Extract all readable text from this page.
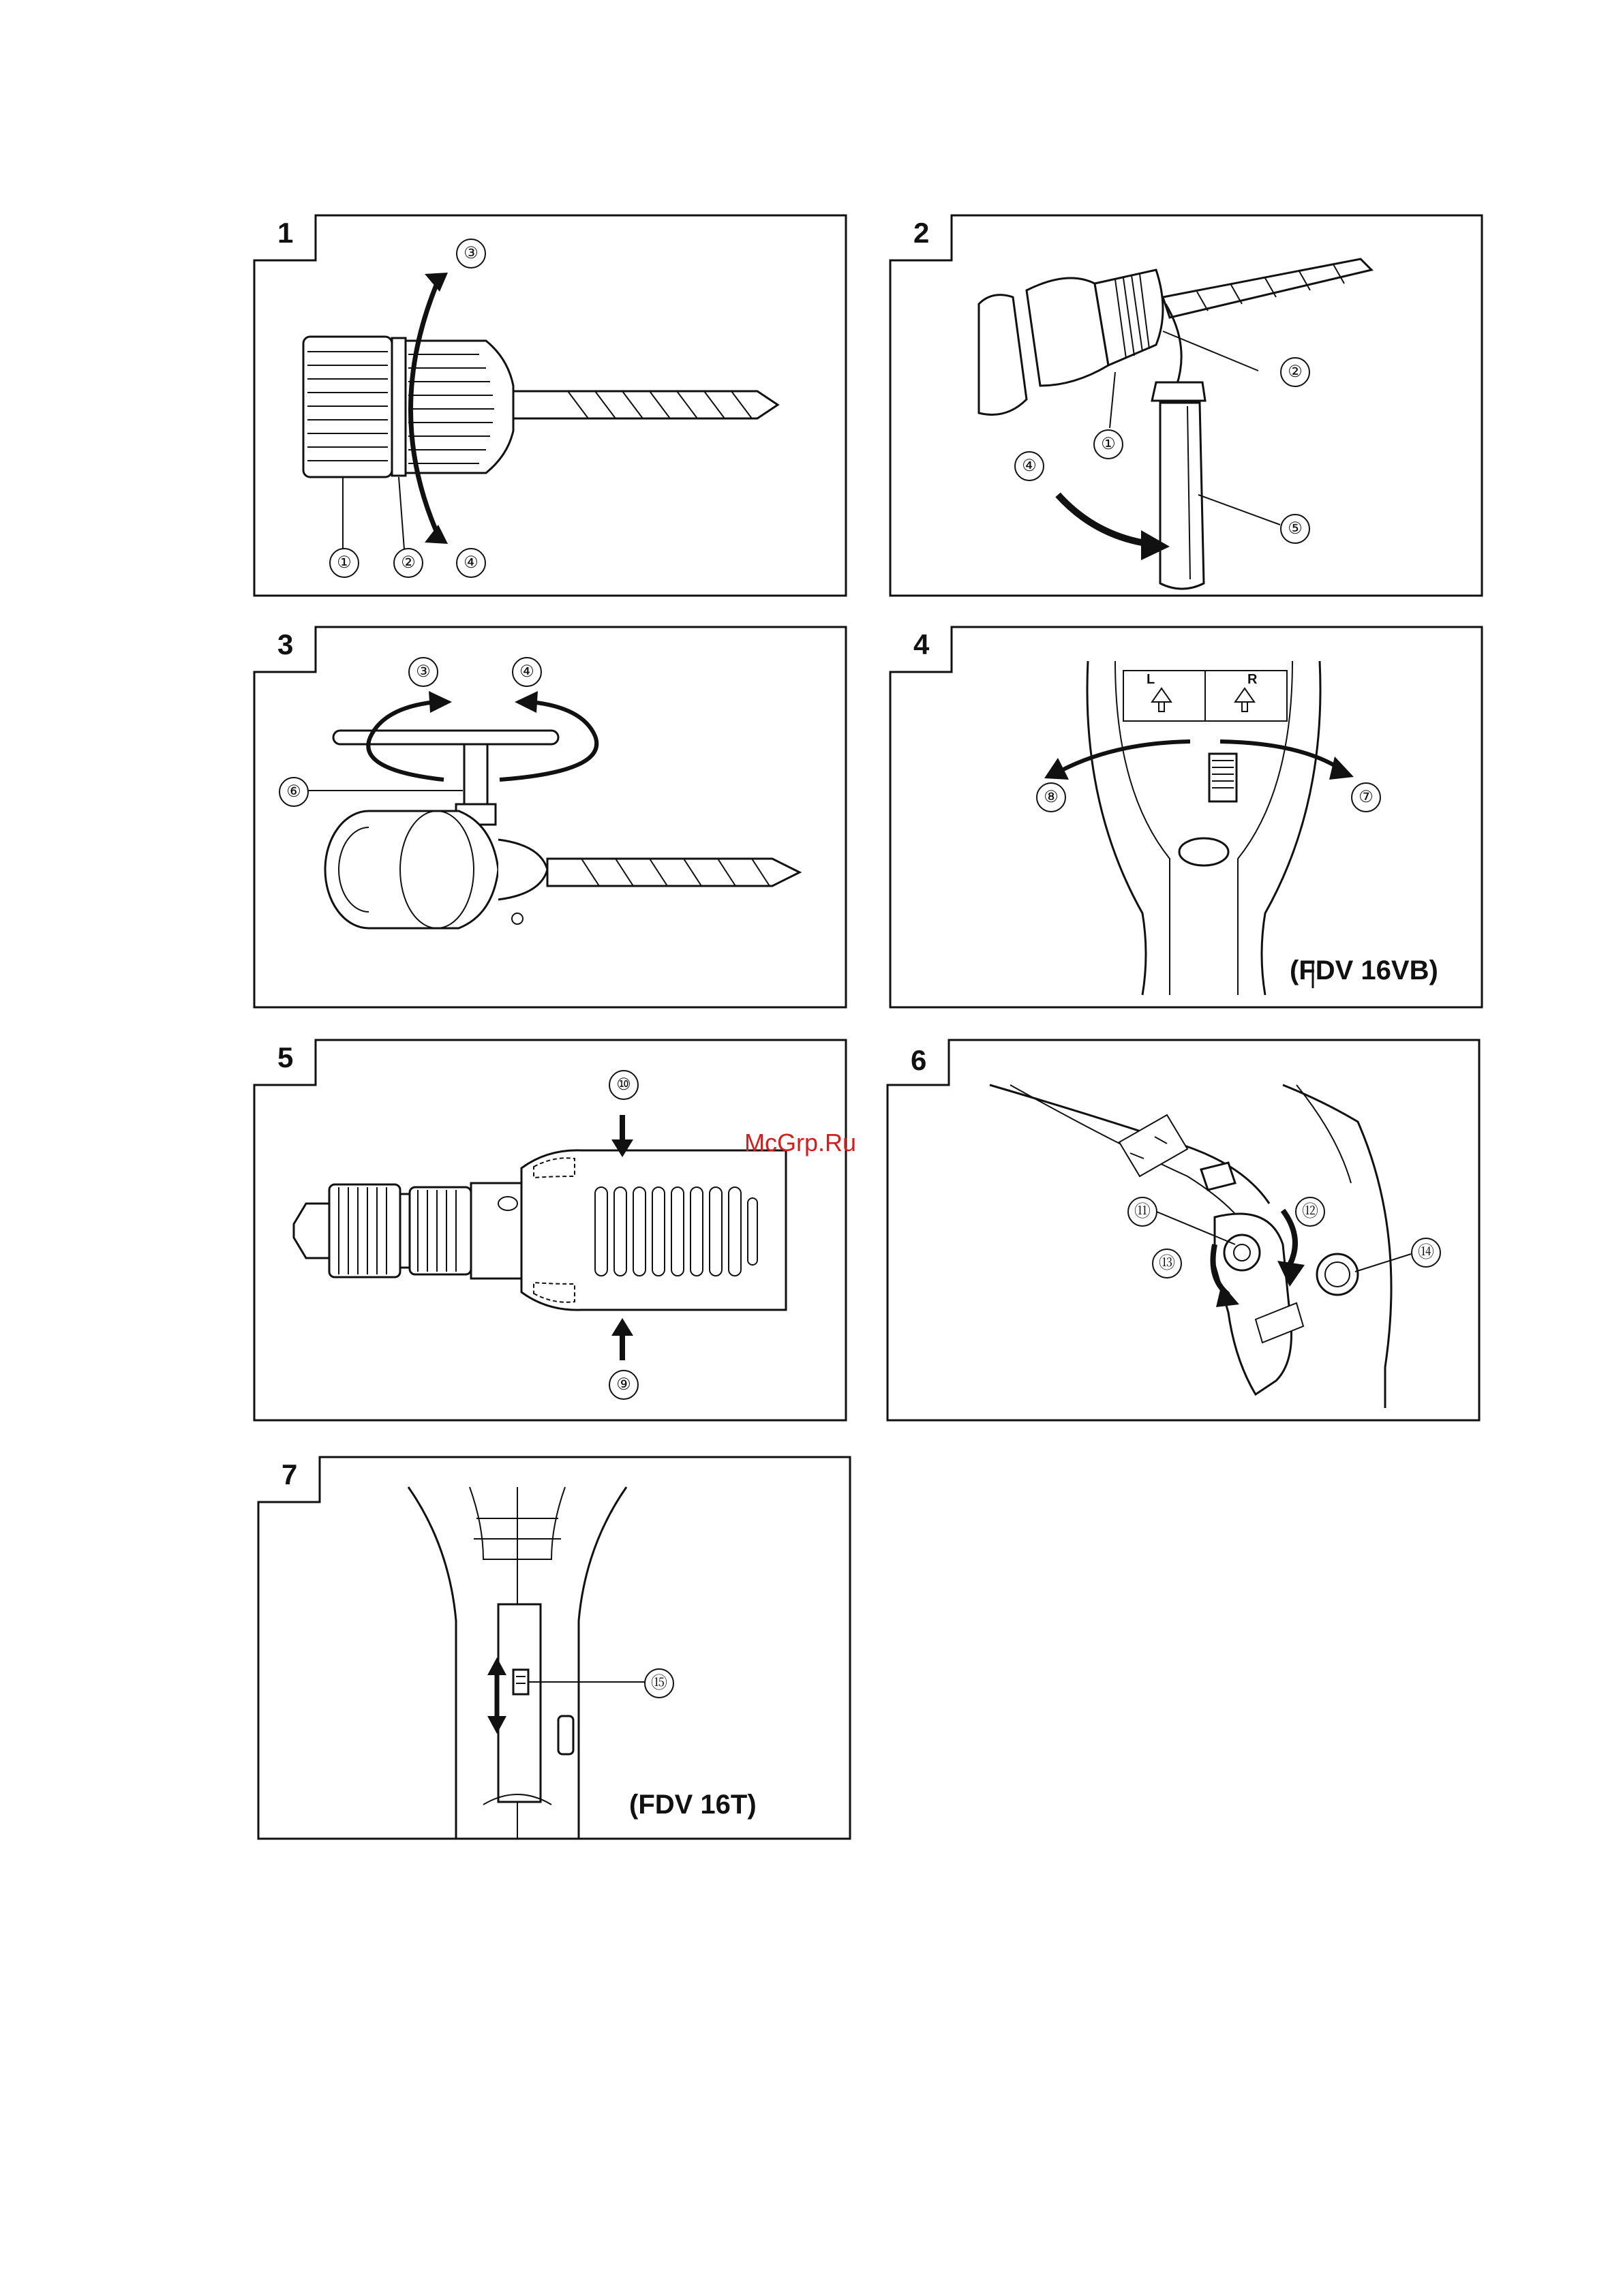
1
③
①	②	④
2
②
①
④
⑤
3
③	④
⑥
4
L	R
⑧	⑦
(FDV 16VB)
5
⑩
⑨
6
⑪	⑫
⑬
⑭
7
⑮
(FDV 16T)
McGrp.Ru
